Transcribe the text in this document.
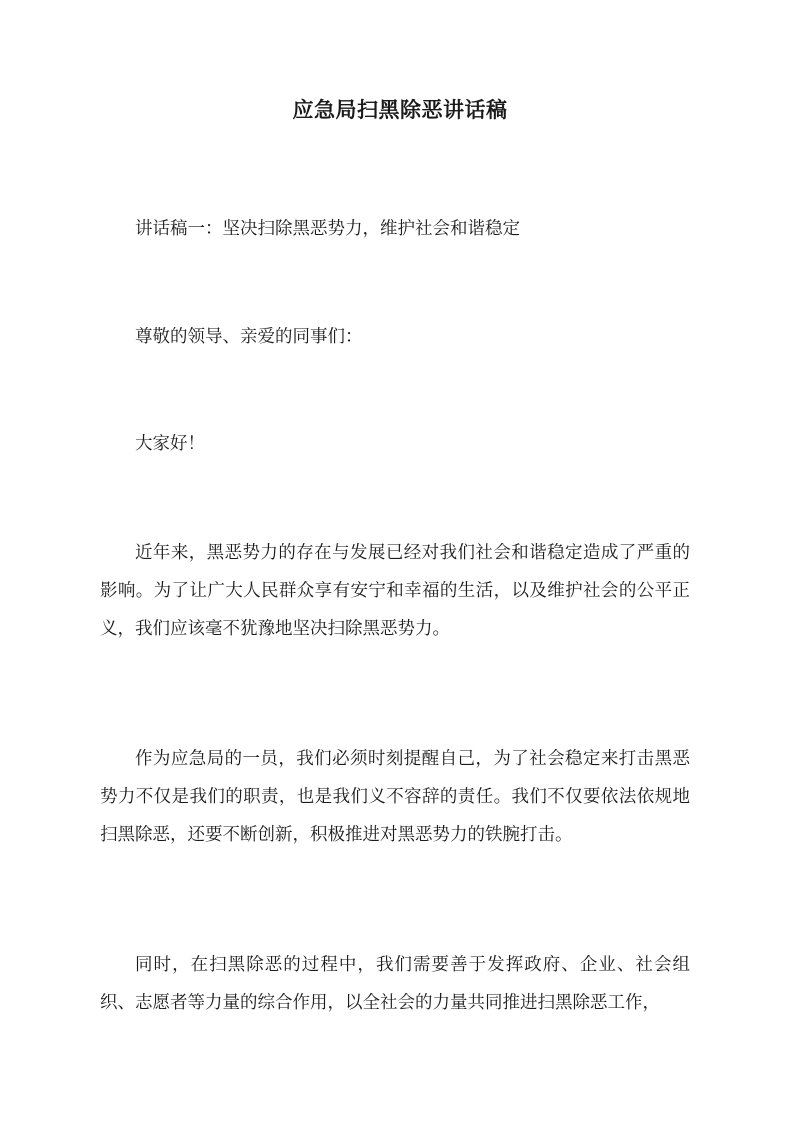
应急局扫黑除恶讲话稿

讲话稿一：坚决扫除黑恶势力，维护社会和谐稳定

尊敬的领导、亲爱的同事们：

大家好！

近年来，黑恶势力的存在与发展已经对我们社会和谐稳定造成了严重的影响。为了让广大人民群众享有安宁和幸福的生活，以及维护社会的公平正义，我们应该毫不犹豫地坚决扫除黑恶势力。

作为应急局的一员，我们必须时刻提醒自己，为了社会稳定来打击黑恶势力不仅是我们的职责，也是我们义不容辞的责任。我们不仅要依法依规地扫黑除恶，还要不断创新，积极推进对黑恶势力的铁腕打击。

同时，在扫黑除恶的过程中，我们需要善于发挥政府、企业、社会组织、志愿者等力量的综合作用，以全社会的力量共同推进扫黑除恶工作，
